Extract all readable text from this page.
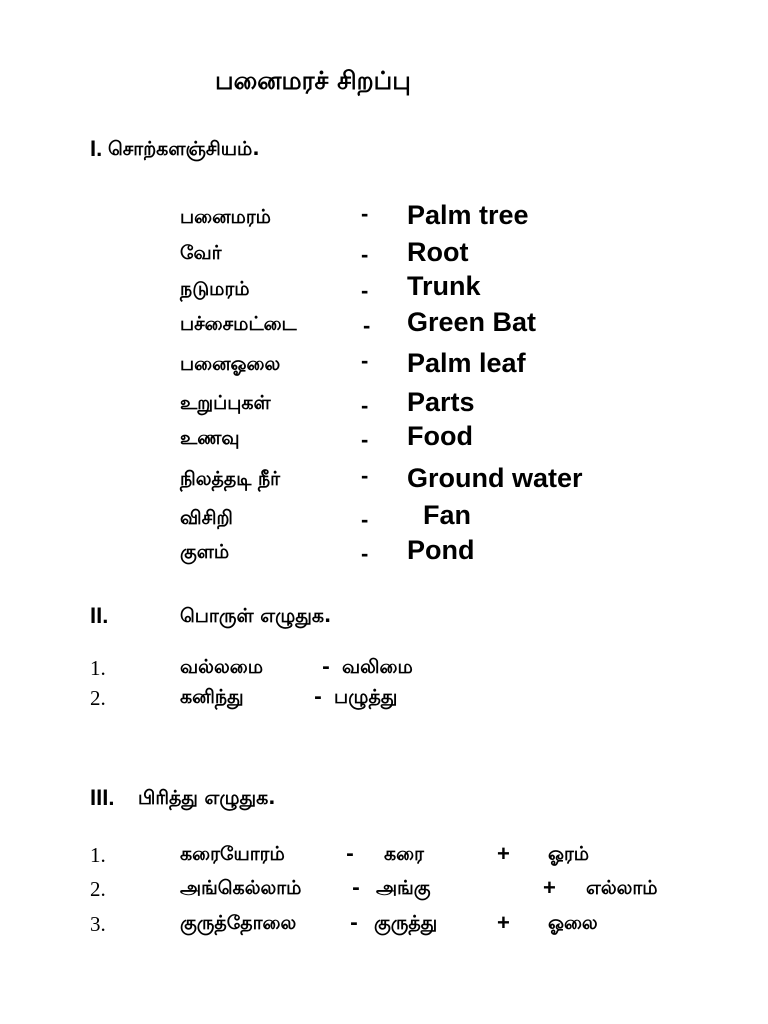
பனைமரச் சிறப்பு
I. சொற்களஞ்சியம்.
பனைமரம்	- Palm tree
வேர்	- Root
நடுமரம்	- Trunk
பச்சைமட்டை	- Green Bat
பனைஓலை	- Palm leaf
உறுப்புகள்	- Parts
உணவு	- Food
நிலத்தடி நீர்	- Ground water
விசிறி	- Fan
குளம்	- Pond
II.	பொருள் எழுதுக.
1.	வல்லமை	- வலிமை
2.	கனிந்து	- பழுத்து
III. பிரித்து எழுதுக.
1.	கரையோரம்	- கரை	+ ஓரம்
2.	அங்கெல்லாம்	- அங்கு	+ எல்லாம்
3.	குருத்தோலை	- குருத்து	+ ஓலை
